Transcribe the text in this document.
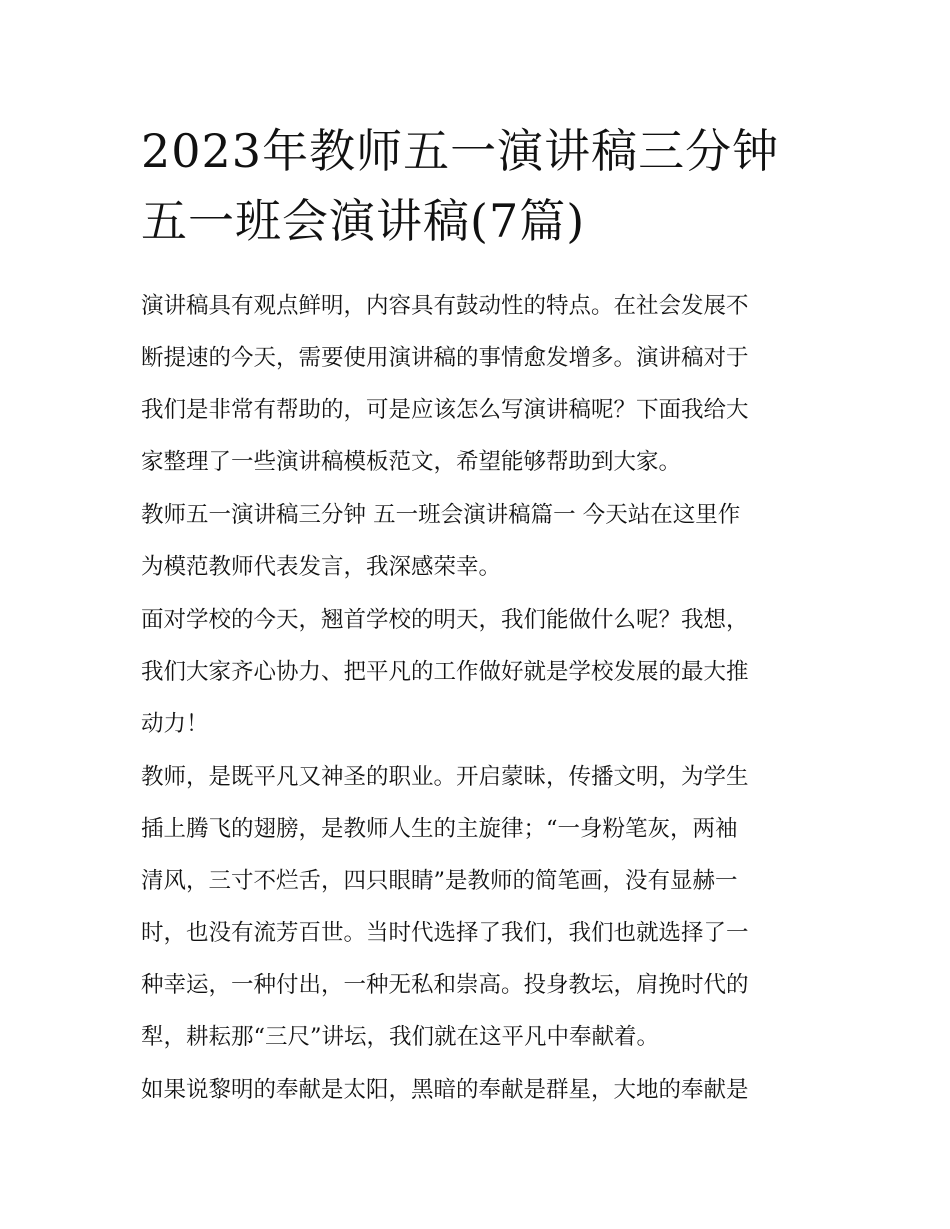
2023年教师五一演讲稿三分钟
五一班会演讲稿(7篇)

演讲稿具有观点鲜明，内容具有鼓动性的特点。在社会发展不
断提速的今天，需要使用演讲稿的事情愈发增多。演讲稿对于
我们是非常有帮助的，可是应该怎么写演讲稿呢？下面我给大
家整理了一些演讲稿模板范文，希望能够帮助到大家。

教师五一演讲稿三分钟 五一班会演讲稿篇一 今天站在这里作
为模范教师代表发言，我深感荣幸。

面对学校的今天，翘首学校的明天，我们能做什么呢？我想，
我们大家齐心协力、把平凡的工作做好就是学校发展的最大推
动力！

教师，是既平凡又神圣的职业。开启蒙昧，传播文明，为学生
插上腾飞的翅膀，是教师人生的主旋律；“一身粉笔灰，两袖
清风，三寸不烂舌，四只眼睛”是教师的简笔画，没有显赫一
时，也没有流芳百世。当时代选择了我们，我们也就选择了一
种幸运，一种付出，一种无私和崇高。投身教坛，肩挽时代的
犁，耕耘那“三尺”讲坛，我们就在这平凡中奉献着。

如果说黎明的奉献是太阳，黑暗的奉献是群星，大地的奉献是
